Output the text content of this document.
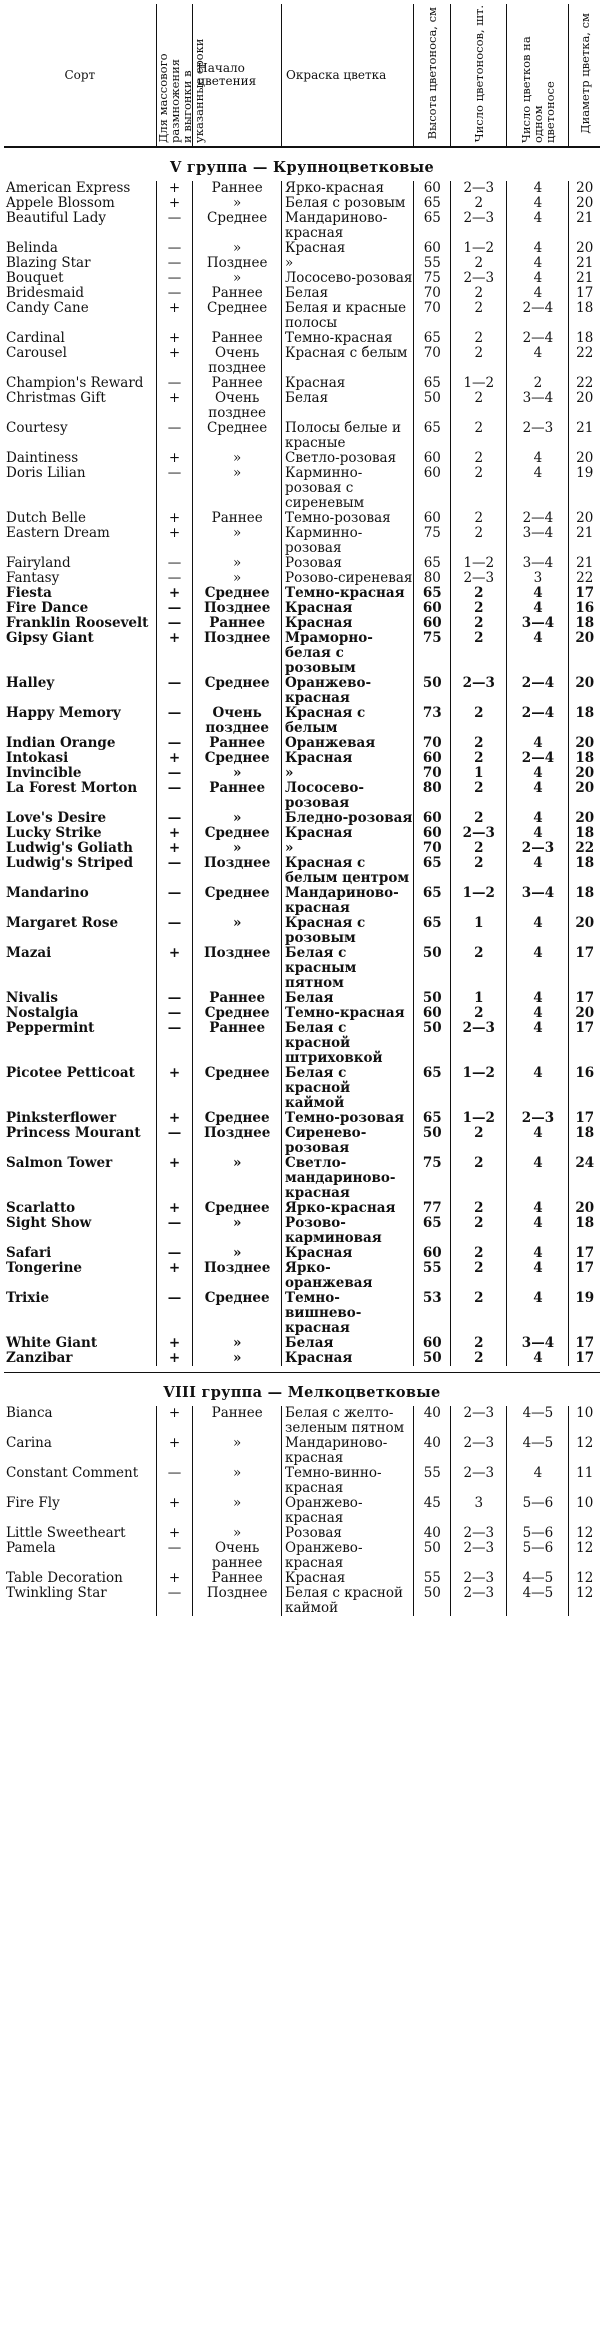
Сорт	Для массового размножения
и выгонки в указанные сроки	Начало
цветения	Окраска цветка	Высота цветоноса, см	Число цветоносов, шт.	Число цветков на одном
цветоносе	Диаметр цветка, см
V группа — Крупноцветковые							
American Express	+	Раннее	Ярко-красная	60	2—3	4	20
Appele Blossom	+	»	Белая с розовым	65	2	4	20
Beautiful Lady	—	Среднее	Мандариново-красная	65	2—3	4	21
Belinda	—	»	Красная	60	1—2	4	20
Blazing Star	—	Позднее	»	55	2	4	21
Bouquet	—	»	Лососево-розовая	75	2—3	4	21
Bridesmaid	—	Раннее	Белая	70	2	4	17
Candy Cane	+	Среднее	Белая и красные полосы	70	2	2—4	18
Cardinal	+	Раннее	Темно-красная	65	2	2—4	18
Carousel	+	Очень позднее	Красная с белым	70	2	4	22
Champion's Reward	—	Раннее	Красная	65	1—2	2	22
Christmas Gift	+	Очень позднее	Белая	50	2	3—4	20
Courtesy	—	Среднее	Полосы белые и красные	65	2	2—3	21
Daintiness	+	»	Светло-розовая	60	2	4	20
Doris Lilian	—	»	Карминно-розовая с сиреневым	60	2	4	19
Dutch Belle	+	Раннее	Темно-розовая	60	2	2—4	20
Eastern Dream	+	»	Карминно-розовая	75	2	3—4	21
Fairyland	—	»	Розовая	65	1—2	3—4	21
Fantasy	—	»	Розово-сиреневая	80	2—3	3	22
Fiesta	+	Среднее	Темно-красная	65	2	4	17
Fire Dance	—	Позднее	Красная	60	2	4	16
Franklin Roosevelt	—	Раннее	Красная	60	2	3—4	18
Gipsy Giant	+	Позднее	Мраморно-белая с розовым	75	2	4	20
Halley	—	Среднее	Оранжево-красная	50	2—3	2—4	20
Happy Memory	—	Очень позднее	Красная с белым	73	2	2—4	18
Indian Orange	—	Раннее	Оранжевая	70	2	4	20
Intokasi	+	Среднее	Красная	60	2	2—4	18
Invincible	—	»	»	70	1	4	20
La Forest Morton	—	Раннее	Лососево-розовая	80	2	4	20
Love's Desire	—	»	Бледно-розовая	60	2	4	20
Lucky Strike	+	Среднее	Красная	60	2—3	4	18
Ludwig's Goliath	+	»	»	70	2	2—3	22
Ludwig's Striped	—	Позднее	Красная с белым центром	65	2	4	18
Mandarino	—	Среднее	Мандариново-красная	65	1—2	3—4	18
Margaret Rose	—	»	Красная с розовым	65	1	4	20
Mazai	+	Позднее	Белая с красным пятном	50	2	4	17
Nivalis	—	Раннее	Белая	50	1	4	17
Nostalgia	—	Среднее	Темно-красная	60	2	4	20
Peppermint	—	Раннее	Белая с красной штриховкой	50	2—3	4	17
Picotee Petticoat	+	Среднее	Белая с красной каймой	65	1—2	4	16
Pinksterflower	+	Среднее	Темно-розовая	65	1—2	2—3	17
Princess Mourant	—	Позднее	Сиренево-розовая	50	2	4	18
Salmon Tower	+	»	Светло-мандариново-красная	75	2	4	24
Scarlatto	+	Среднее	Ярко-красная	77	2	4	20
Sight Show	—	»	Розово-карминовая	65	2	4	18
Safari	—	»	Красная	60	2	4	17
Tongerine	+	Позднее	Ярко-оранжевая	55	2	4	17
Trixie	—	Среднее	Темно-вишнево-красная	53	2	4	19
White Giant	+	»	Белая	60	2	3—4	17
Zanzibar	+	»	Красная	50	2	4	17

VIII группа — Мелкоцветковые							
Bianca	+	Раннее	Белая с желто-зеленым пятном	40	2—3	4—5	10
Carina	+	»	Мандариново-красная	40	2—3	4—5	12
Constant Comment	—	»	Темно-винно-красная	55	2—3	4	11
Fire Fly	+	»	Оранжево-красная	45	3	5—6	10
Little Sweetheart	+	»	Розовая	40	2—3	5—6	12
Pamela	—	Очень раннее	Оранжево-красная	50	2—3	5—6	12
Table Decoration	+	Раннее	Красная	55	2—3	4—5	12
Twinkling Star	—	Позднее	Белая с красной каймой	50	2—3	4—5	12
